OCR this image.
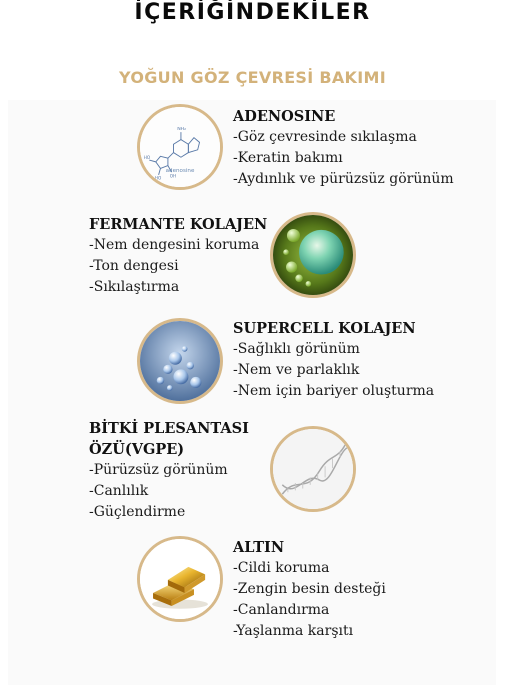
İÇERİĞİNDEKİLER
YOĞUN GÖZ ÇEVRESİ BAKIMI
NH₂
HO
HO OH
adenosine
ADENOSINE
-Göz çevresinde sıkılaşma
-Keratin bakımı
-Aydınlık ve pürüzsüz görünüm
FERMANTE KOLAJEN
-Nem dengesini koruma
-Ton dengesi
-Sıkılaştırma
SUPERCELL KOLAJEN
-Sağlıklı görünüm
-Nem ve parlaklık
-Nem için bariyer oluşturma
BİTKİ PLESANTASI
ÖZÜ(VGPE)
-Pürüzsüz görünüm
-Canlılık
-Güçlendirme
ALTIN
-Cildi koruma
-Zengin besin desteği
-Canlandırma
-Yaşlanma karşıtı
